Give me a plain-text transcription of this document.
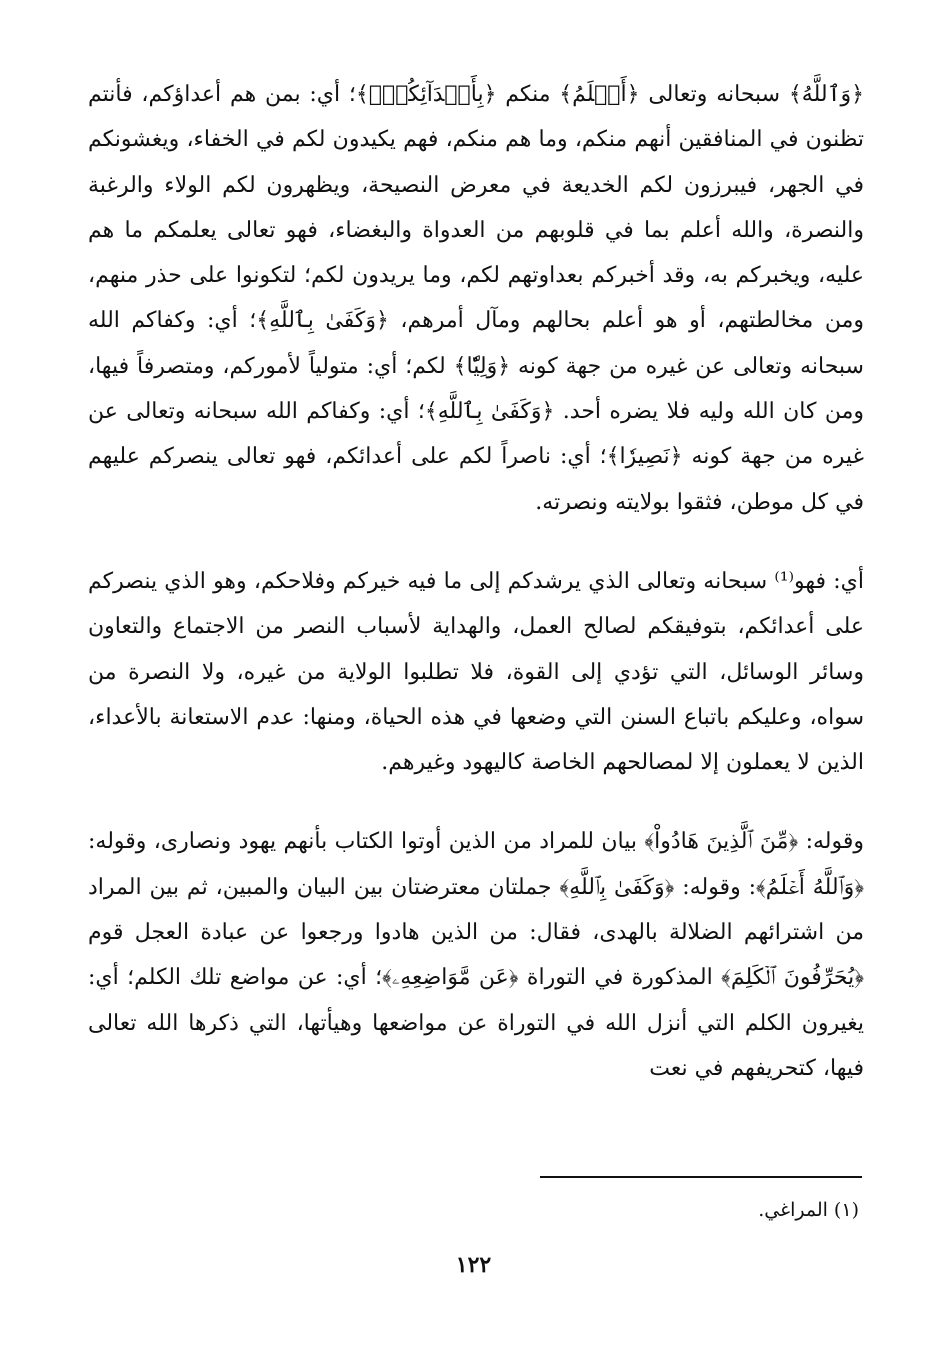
﴿وَٱللَّهُ﴾ سبحانه وتعالى ﴿أَعۡلَمُ﴾ منكم ﴿بِأَعۡدَآئِكُمۡۚ﴾؛ أي: بمن هم أعداؤكم، فأنتم تظنون في المنافقين أنهم منكم، وما هم منكم، فهم يكيدون لكم في الخفاء، ويغشونكم في الجهر، فيبرزون لكم الخديعة في معرض النصيحة، ويظهرون لكم الولاء والرغبة والنصرة، والله أعلم بما في قلوبهم من العدواة والبغضاء، فهو تعالى يعلمكم ما هم عليه، ويخبركم به، وقد أخبركم بعداوتهم لكم، وما يريدون لكم؛ لتكونوا على حذر منهم، ومن مخالطتهم، أو هو أعلم بحالهم ومآل أمرهم، ﴿وَكَفَىٰ بِٱللَّهِ﴾؛ أي: وكفاكم الله سبحانه وتعالى عن غيره من جهة كونه ﴿وَلِيّٗا﴾ لكم؛ أي: متولياً لأموركم، ومتصرفاً فيها، ومن كان الله وليه فلا يضره أحد. ﴿وَكَفَىٰ بِٱللَّهِ﴾؛ أي: وكفاكم الله سبحانه وتعالى عن غيره من جهة كونه ﴿نَصِيرٗا﴾؛ أي: ناصراً لكم على أعدائكم، فهو تعالى ينصركم عليهم في كل موطن، فثقوا بولايته ونصرته.

أي: فهو⁽¹⁾ سبحانه وتعالى الذي يرشدكم إلى ما فيه خيركم وفلاحكم، وهو الذي ينصركم على أعدائكم، بتوفيقكم لصالح العمل، والهداية لأسباب النصر من الاجتماع والتعاون وسائر الوسائل، التي تؤدي إلى القوة، فلا تطلبوا الولاية من غيره، ولا النصرة من سواه، وعليكم باتباع السنن التي وضعها في هذه الحياة، ومنها: عدم الاستعانة بالأعداء، الذين لا يعملون إلا لمصالحهم الخاصة كاليهود وغيرهم.

وقوله: ﴿مِّنَ ٱلَّذِينَ هَادُواْ﴾ بيان للمراد من الذين أوتوا الكتاب بأنهم يهود ونصارى، وقوله: ﴿وَٱللَّهُ أَعۡلَمُ﴾: وقوله: ﴿وَكَفَىٰ بِٱللَّهِ﴾ جملتان معترضتان بين البيان والمبين، ثم بين المراد من اشترائهم الضلالة بالهدى، فقال: من الذين هادوا ورجعوا عن عبادة العجل قوم ﴿يُحَرِّفُونَ ٱلۡكَلِمَ﴾ المذكورة في التوراة ﴿عَن مَّوَاضِعِهِۦ﴾؛ أي: عن مواضع تلك الكلم؛ أي: يغيرون الكلم التي أنزل الله في التوراة عن مواضعها وهيأتها، التي ذكرها الله تعالى فيها، كتحريفهم في نعت

(١) المراغي.
١٢٢
